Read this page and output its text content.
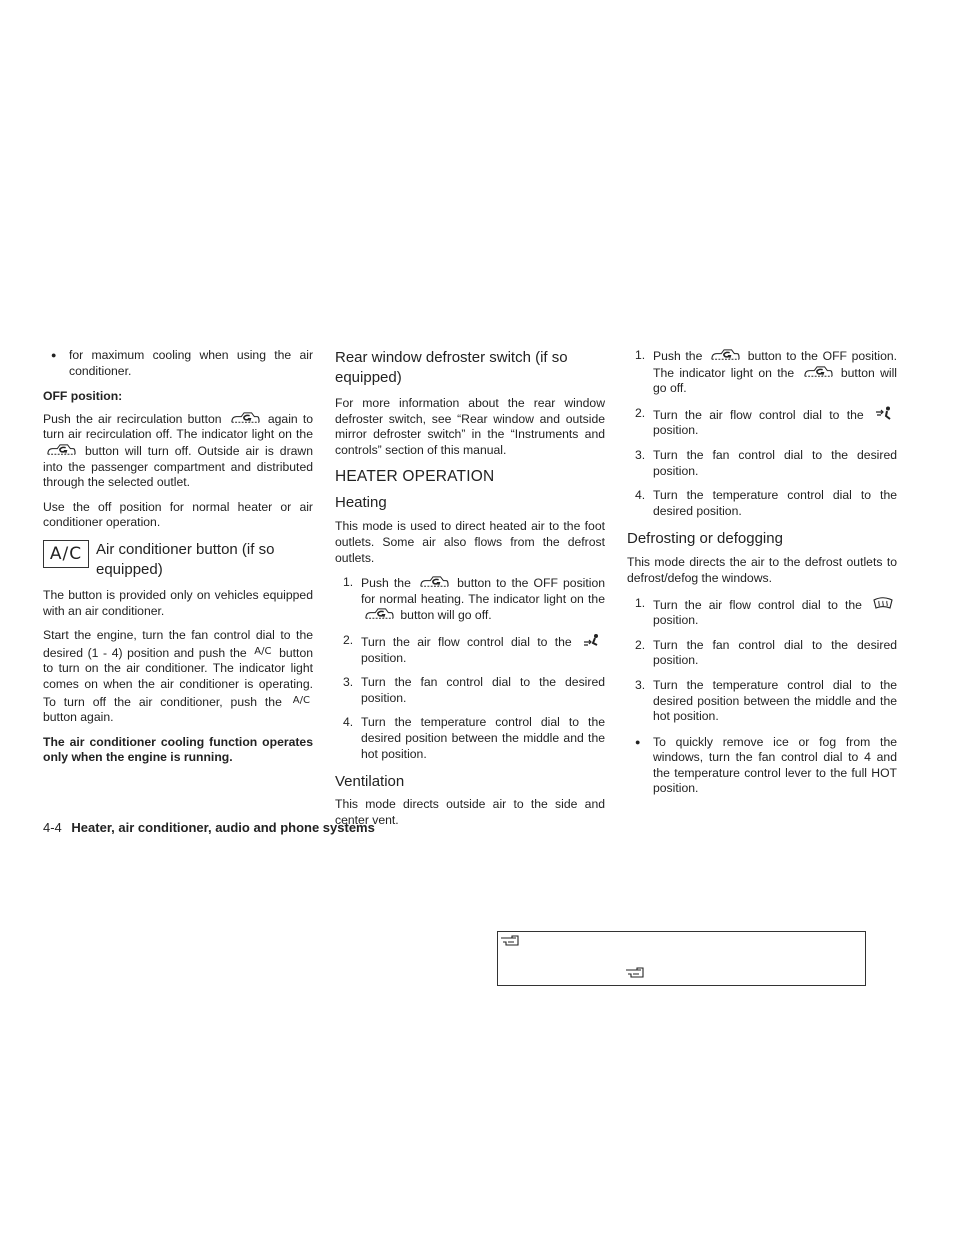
● for maximum cooling when using the air conditioner.

OFF position:

Push the air recirculation button	again to turn air recirculation off. The indicator light on the  button will turn off. Outside air is drawn into the passenger compartment and distributed through the selected outlet.

Use the off position for normal heater or air conditioner operation.

A/C Air conditioner button (if so equipped)

The button is provided only on vehicles equipped with an air conditioner.

Start the engine, turn the fan control dial to the desired (1 - 4) position and push the $^{A/C}$ button to turn on the air conditioner. The indicator light comes on when the air conditioner is operating. To turn off the air conditioner, push the $^{A/C}$ button again.

The air conditioner cooling function operates only when the engine is running.

Rear window defroster switch (if so equipped)

For more information about the rear window defroster switch, see “Rear window and outside mirror defroster switch” in the “Instruments and controls” section of this manual.

HEATER OPERATION
Heating

This mode is used to direct heated air to the foot outlets. Some air also flows from the defrost outlets.

1. Push the	button to the OFF position for normal heating. The indicator light on the  button will go off.
2. Turn the air flow control dial to the  position.
3. Turn the fan control dial to the desired position.
4. Turn the temperature control dial to the desired position between the middle and the hot position.
Ventilation

This mode directs outside air to the side and center vent.

1. Push the	button to the OFF position. The indicator light on the	button will go off.
2. Turn the air flow control dial to the  position.
3. Turn the fan control dial to the desired position.
4. Turn the temperature control dial to the desired position.
Defrosting or defogging

This mode directs the air to the defrost outlets to defrost/defog the windows.

1. Turn the air flow control dial to the  position.
2. Turn the fan control dial to the desired position.
3. Turn the temperature control dial to the desired position between the middle and the hot position.
● To quickly remove ice or fog from the windows, turn the fan control dial to 4 and the temperature control lever to the full HOT position.
4-4 Heater, air conditioner, audio and phone systems
